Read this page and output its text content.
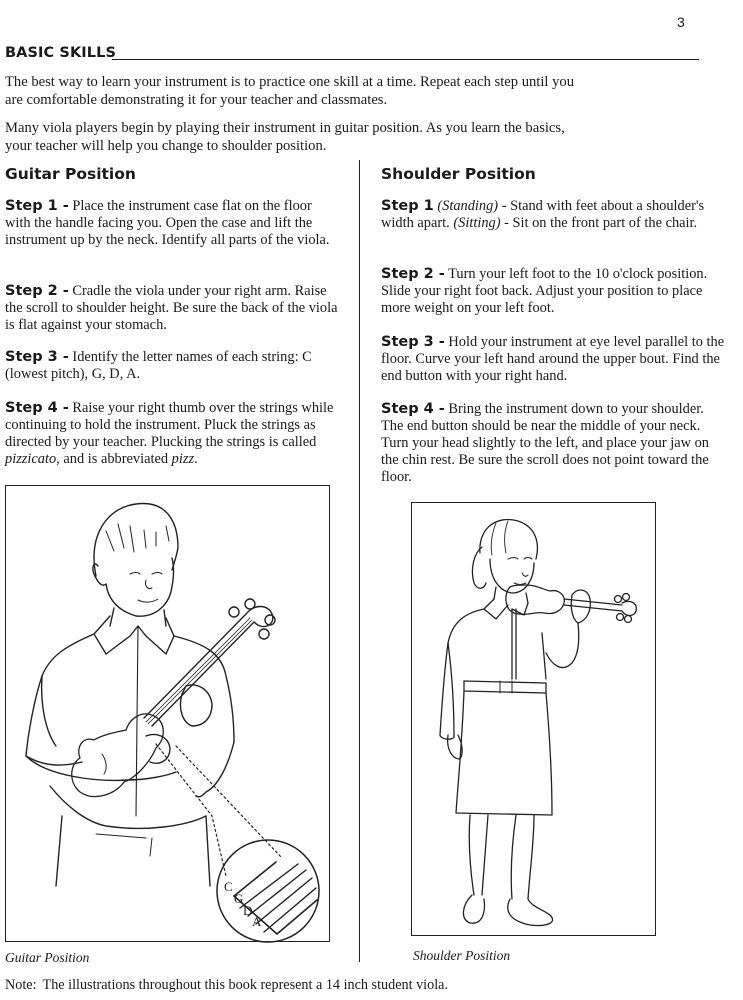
3
BASIC SKILLS

The best way to learn your instrument is to practice one skill at a time. Repeat each step until you are comfortable demonstrating it for your teacher and classmates.

Many viola players begin by playing their instrument in guitar position. As you learn the basics, your teacher will help you change to shoulder position.

Guitar Position

Step 1 - Place the instrument case flat on the floor with the handle facing you. Open the case and lift the instrument up by the neck. Identify all parts of the viola.

Step 2 - Cradle the viola under your right arm. Raise the scroll to shoulder height. Be sure the back of the viola is flat against your stomach.

Step 3 - Identify the letter names of each string: C (lowest pitch), G, D, A.

Step 4 - Raise your right thumb over the strings while continuing to hold the instrument. Pluck the strings as directed by your teacher. Plucking the strings is called pizzicato, and is abbreviated pizz.

Shoulder Position

Step 1 (Standing) - Stand with feet about a shoulder's width apart. (Sitting) - Sit on the front part of the chair.

Step 2 - Turn your left foot to the 10 o'clock position. Slide your right foot back. Adjust your position to place more weight on your left foot.

Step 3 - Hold your instrument at eye level parallel to the floor. Curve your left hand around the upper bout. Find the end button with your right hand.

Step 4 - Bring the instrument down to your shoulder. The end button should be near the middle of your neck. Turn your head slightly to the left, and place your jaw on the chin rest. Be sure the scroll does not point toward the floor.

C
G
D
A
Guitar Position	Shoulder Position
Note: The illustrations throughout this book represent a 14 inch student viola.
